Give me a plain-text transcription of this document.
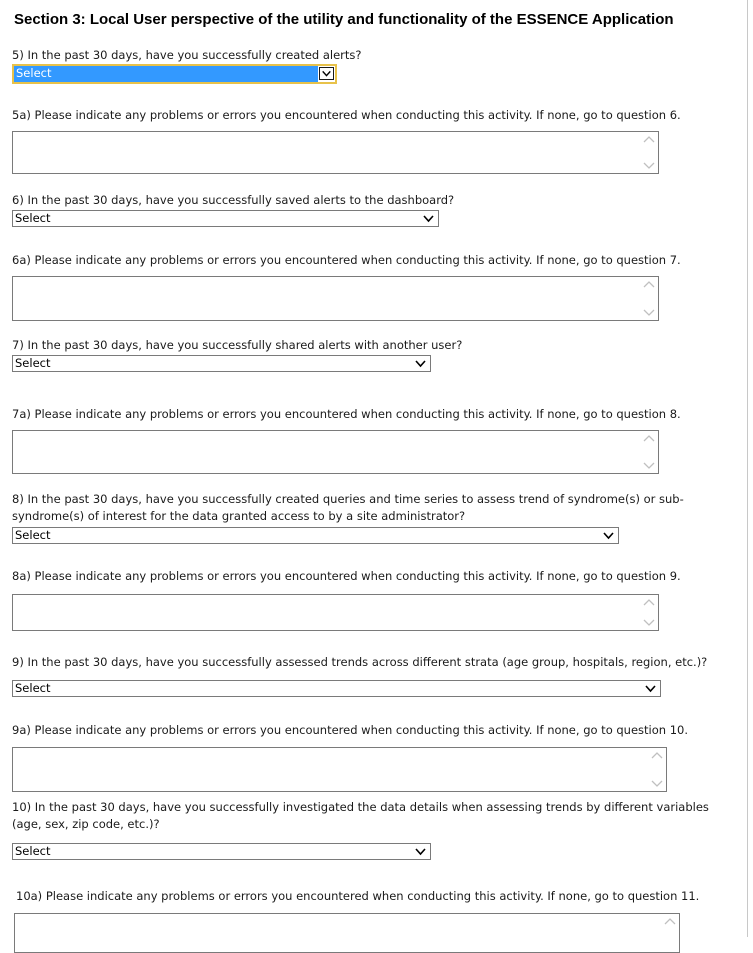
Section 3: Local User perspective of the utility and functionality of the ESSENCE Application
5) In the past 30 days, have you successfully created alerts?
Select
5a) Please indicate any problems or errors you encountered when conducting this activity. If none, go to question 6.
6) In the past 30 days, have you successfully saved alerts to the dashboard?
Select
6a) Please indicate any problems or errors you encountered when conducting this activity. If none, go to question 7.
7) In the past 30 days, have you successfully shared alerts with another user?
Select
7a) Please indicate any problems or errors you encountered when conducting this activity. If none, go to question 8.
8) In the past 30 days, have you successfully created queries and time series to assess trend of syndrome(s) or sub-syndrome(s) of interest for the data granted access to by a site administrator?
Select
8a) Please indicate any problems or errors you encountered when conducting this activity. If none, go to question 9.
9) In the past 30 days, have you successfully assessed trends across different strata (age group, hospitals, region, etc.)?
Select
9a) Please indicate any problems or errors you encountered when conducting this activity. If none, go to question 10.
10) In the past 30 days, have you successfully investigated the data details when assessing trends by different variables (age, sex, zip code, etc.)?
Select
10a) Please indicate any problems or errors you encountered when conducting this activity. If none, go to question 11.
